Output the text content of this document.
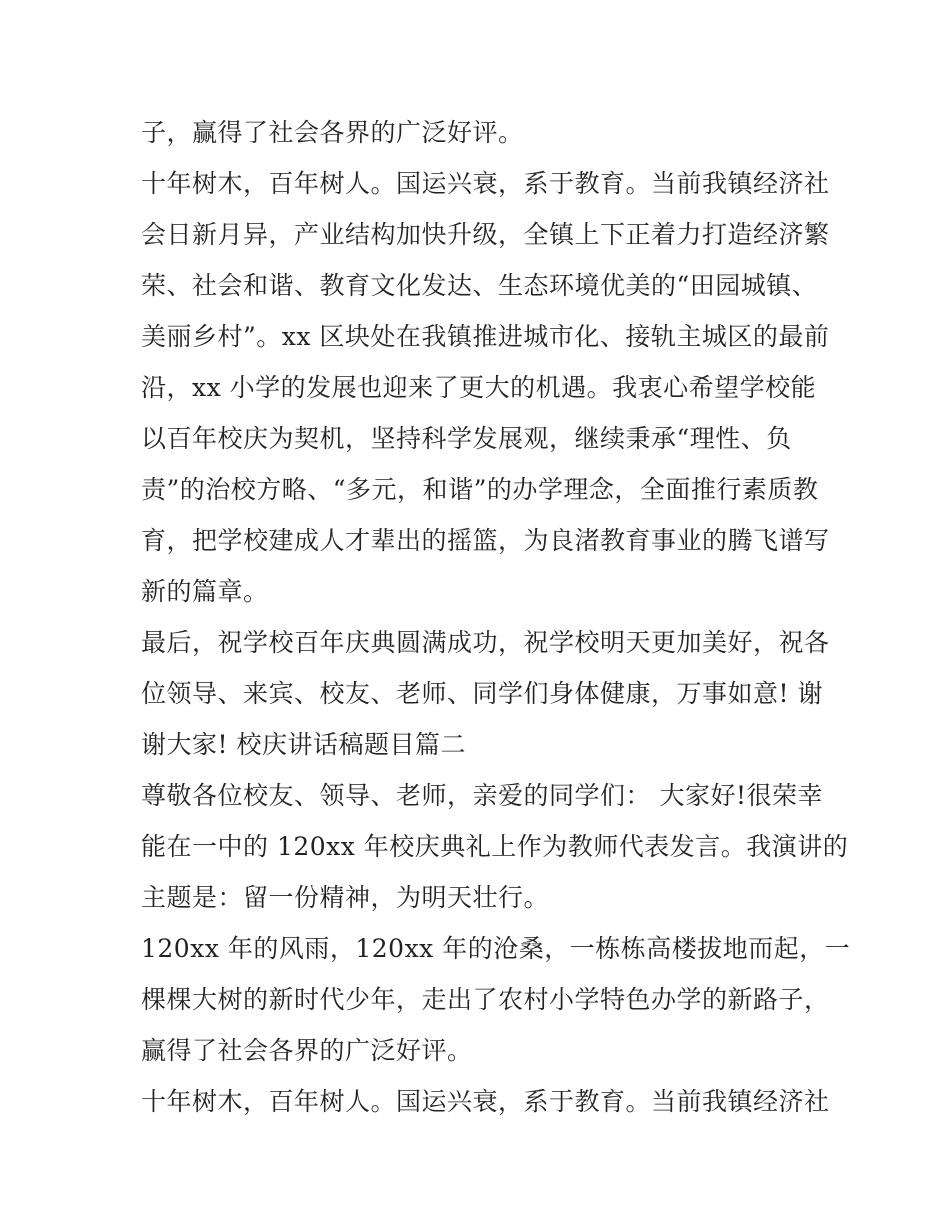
子，赢得了社会各界的广泛好评。
十年树木，百年树人。国运兴衰，系于教育。当前我镇经济社
会日新月异，产业结构加快升级，全镇上下正着力打造经济繁
荣、社会和谐、教育文化发达、生态环境优美的“田园城镇、
美丽乡村”。xx 区块处在我镇推进城市化、接轨主城区的最前
沿，xx 小学的发展也迎来了更大的机遇。我衷心希望学校能
以百年校庆为契机，坚持科学发展观，继续秉承“理性、负
责”的治校方略、“多元，和谐”的办学理念，全面推行素质教
育，把学校建成人才辈出的摇篮，为良渚教育事业的腾飞谱写
新的篇章。
最后，祝学校百年庆典圆满成功，祝学校明天更加美好，祝各
位领导、来宾、校友、老师、同学们身体健康，万事如意! 谢
谢大家! 校庆讲话稿题目篇二
尊敬各位校友、领导、老师，亲爱的同学们： 大家好!很荣幸
能在一中的 120xx 年校庆典礼上作为教师代表发言。我演讲的
主题是：留一份精神，为明天壮行。
120xx 年的风雨，120xx 年的沧桑，一栋栋高楼拔地而起，一
棵棵大树的新时代少年，走出了农村小学特色办学的新路子，
赢得了社会各界的广泛好评。
十年树木，百年树人。国运兴衰，系于教育。当前我镇经济社
